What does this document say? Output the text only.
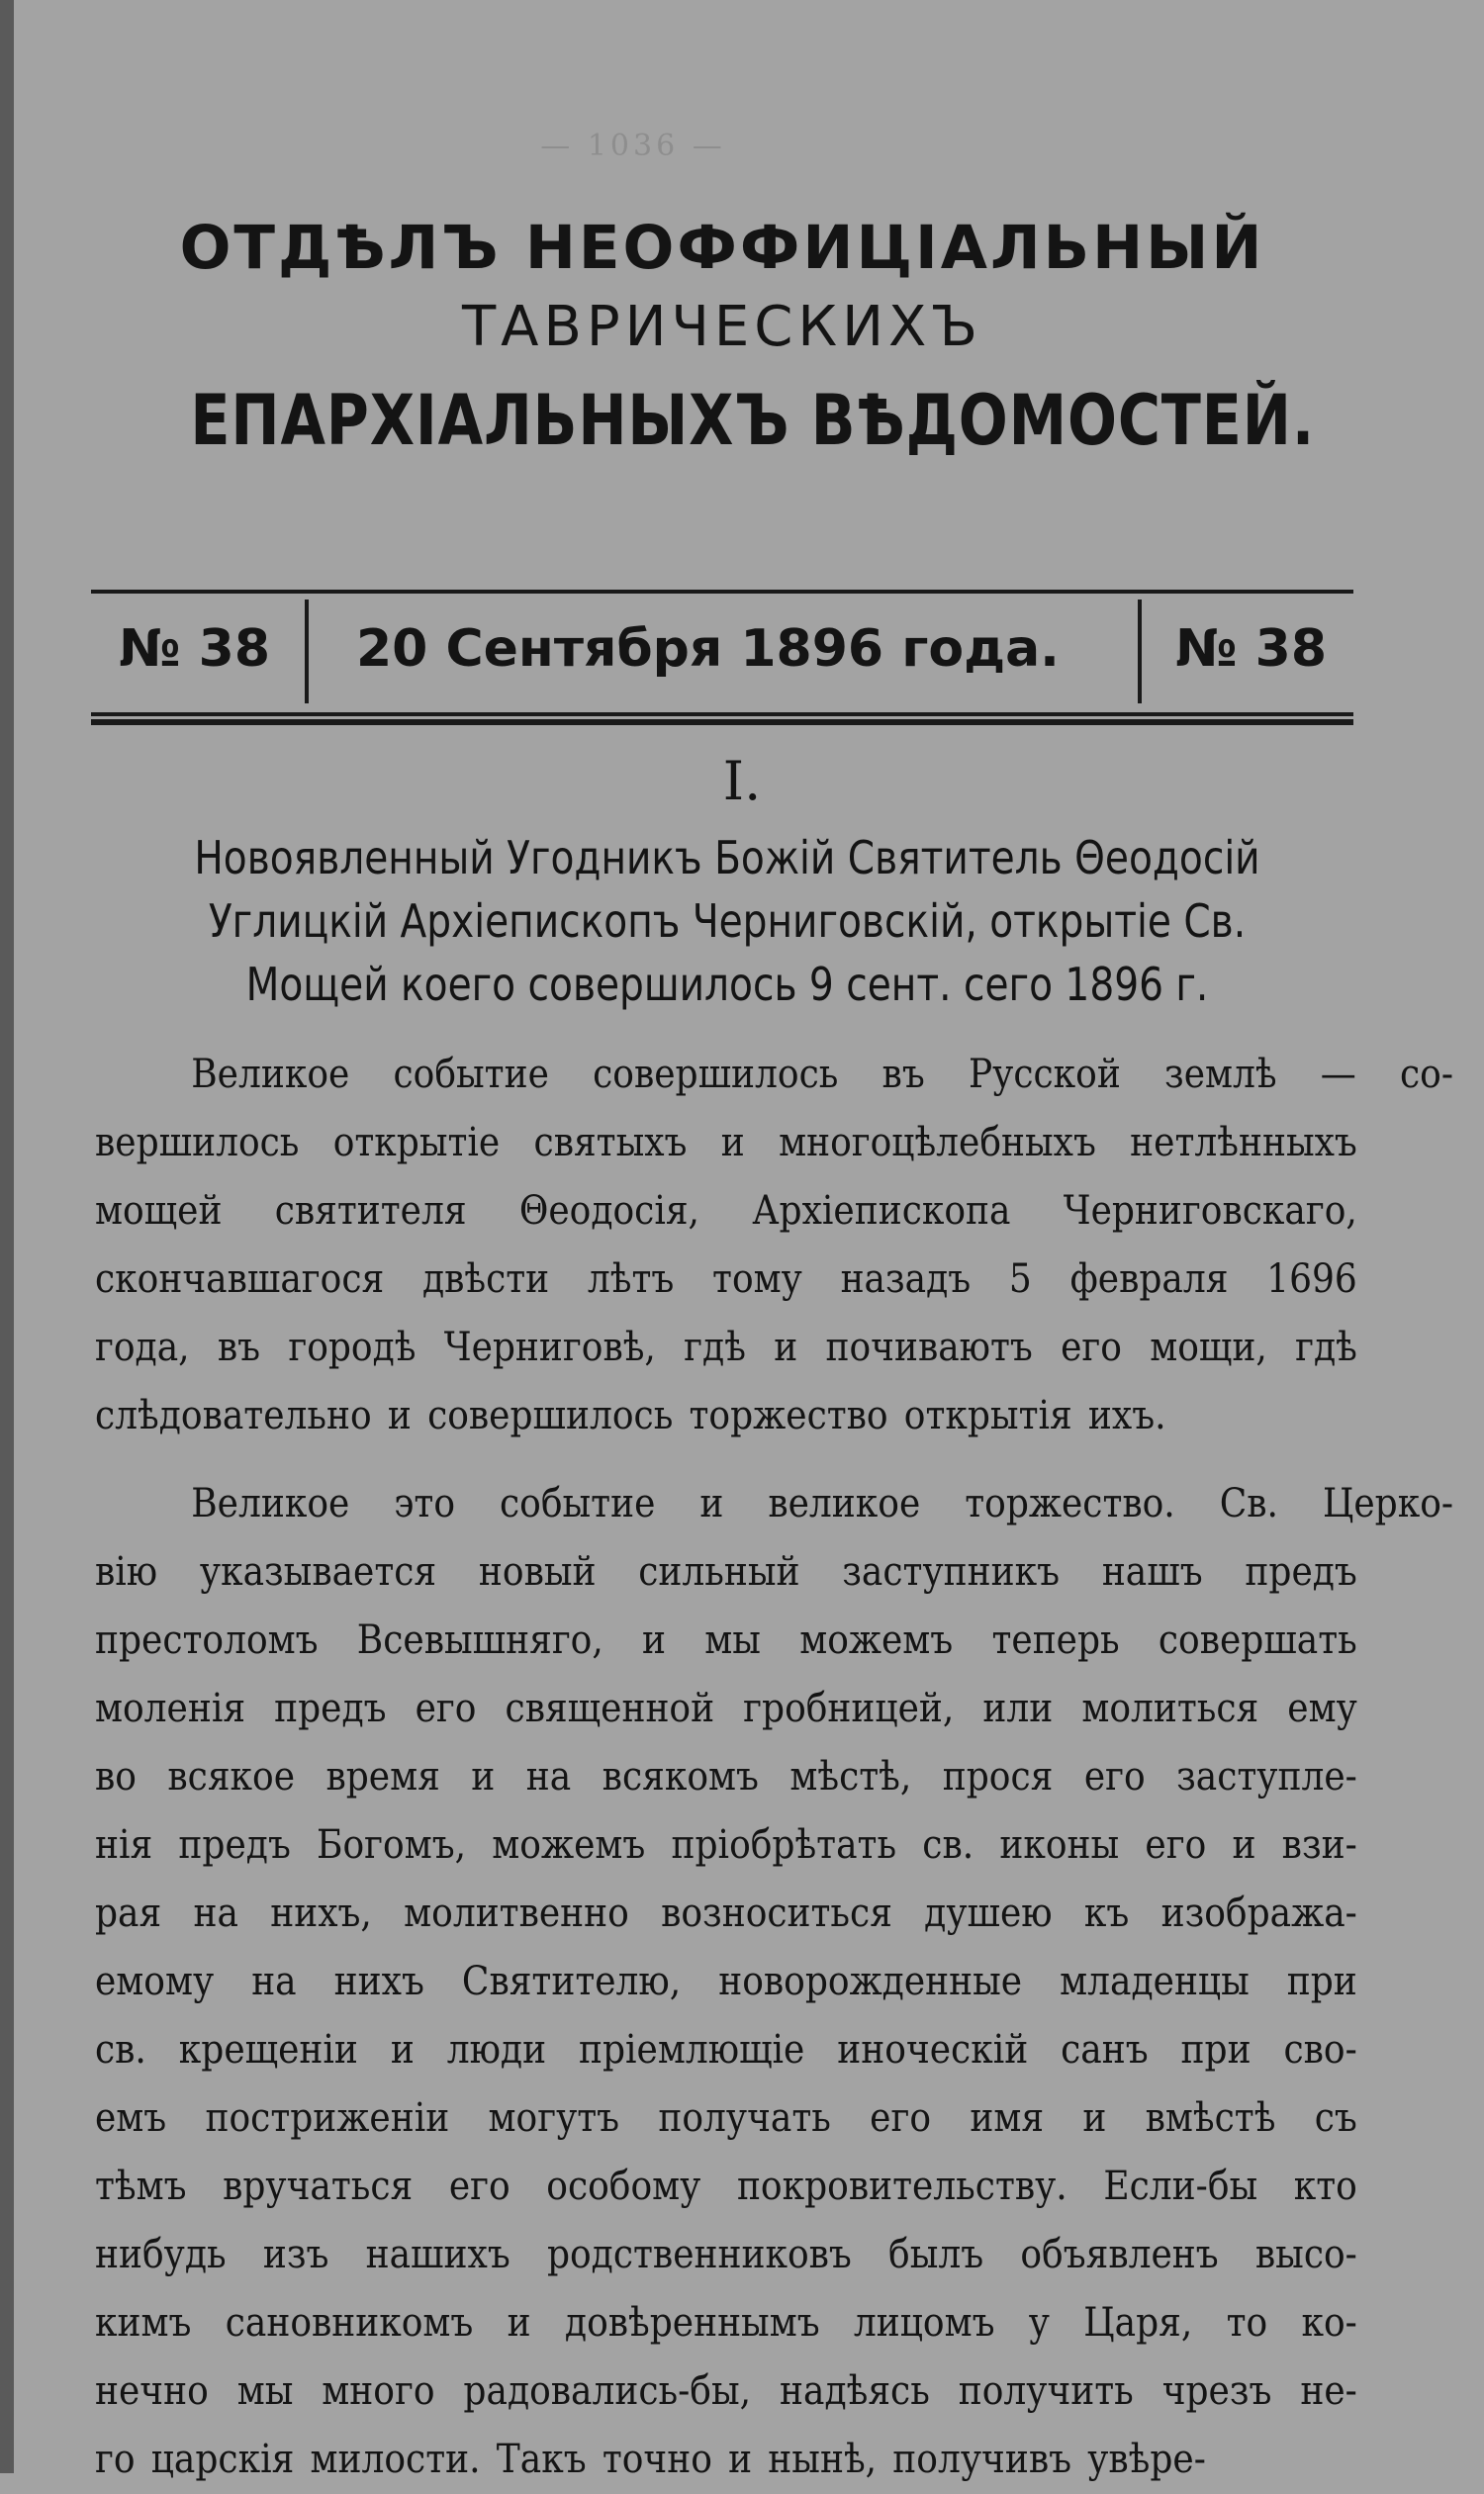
— 1036 —
ОТДѢЛЪ НЕОФФИЦІАЛЬНЫЙ
ТАВРИЧЕСКИХЪ
ЕПАРХІАЛЬНЫХЪ ВѢДОМОСТЕЙ.
№ 38 20 Сентября 1896 года. № 38
I.
Новоявленный Угодникъ Божій Святитель Θеодосій
Углицкій Архіепископъ Черниговскій, открытіе Св.
Мощей коего совершилось 9 сент. сего 1896 г.
Великое событие совершилось въ Русской землѣ — со-
вершилось открытіе святыхъ и многоцѣлебныхъ нетлѣнныхъ
мощей святителя Θеодосія, Архіепископа Черниговскаго,
скончавшагося двѣсти лѣтъ тому назадъ 5 февраля 1696
года, въ городѣ Черниговѣ, гдѣ и почиваютъ его мощи, гдѣ
слѣдовательно и совершилось торжество открытія ихъ.
Великое это событие и великое торжество. Св. Церко-
вію указывается новый сильный заступникъ нашъ предъ
престоломъ Всевышняго, и мы можемъ теперь совершать
моленія предъ его священной гробницей, или молиться ему
во всякое время и на всякомъ мѣстѣ, прося его заступле-
нія предъ Богомъ, можемъ пріобрѣтать св. иконы его и взи-
рая на нихъ, молитвенно возноситься душею къ изобража-
емому на нихъ Святителю, новорожденные младенцы при
св. крещеніи и люди пріемлющіе иноческій санъ при сво-
емъ постриженіи могутъ получать его имя и вмѣстѣ съ
тѣмъ вручаться его особому покровительству. Если-бы кто
нибудь изъ нашихъ родственниковъ былъ объявленъ высо-
кимъ сановникомъ и довѣреннымъ лицомъ у Царя, то ко-
нечно мы много радовались-бы, надѣясь получить чрезъ не-
го царскія милости. Такъ точно и нынѣ, получивъ увѣре-
